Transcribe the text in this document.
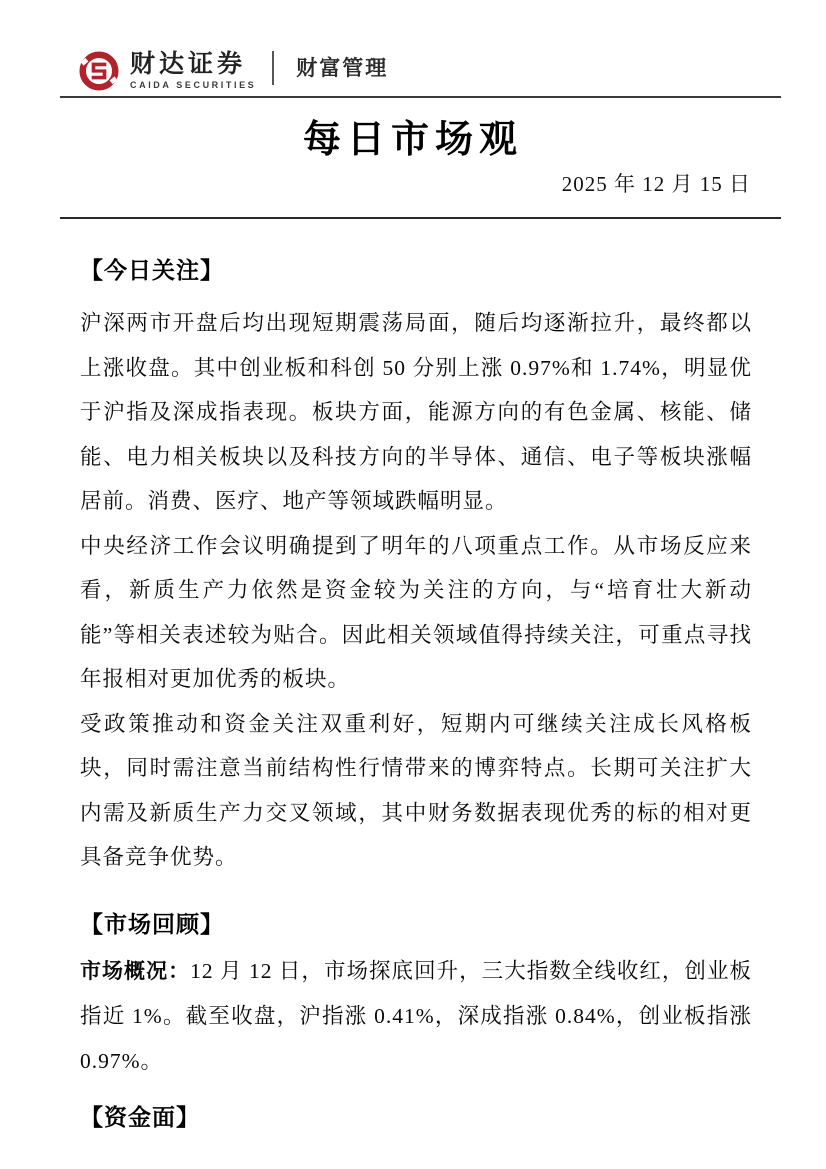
财达证券
CAIDA SECURITIES
财富管理
每日市场观
2025 年 12 月 15 日
【今日关注】

沪深两市开盘后均出现短期震荡局面，随后均逐渐拉升，最终都以上涨收盘。其中创业板和科创 50 分别上涨 0.97%和 1.74%，明显优于沪指及深成指表现。板块方面，能源方向的有色金属、核能、储能、电力相关板块以及科技方向的半导体、通信、电子等板块涨幅居前。消费、医疗、地产等领域跌幅明显。

中央经济工作会议明确提到了明年的八项重点工作。从市场反应来看，新质生产力依然是资金较为关注的方向，与“培育壮大新动能”等相关表述较为贴合。因此相关领域值得持续关注，可重点寻找年报相对更加优秀的板块。

受政策推动和资金关注双重利好，短期内可继续关注成长风格板块，同时需注意当前结构性行情带来的博弈特点。长期可关注扩大内需及新质生产力交叉领域，其中财务数据表现优秀的标的相对更具备竞争优势。

【市场回顾】

市场概况：12 月 12 日，市场探底回升，三大指数全线收红，创业板指近 1%。截至收盘，沪指涨 0.41%，深成指涨 0.84%，创业板指涨 0.97%。

【资金面】
